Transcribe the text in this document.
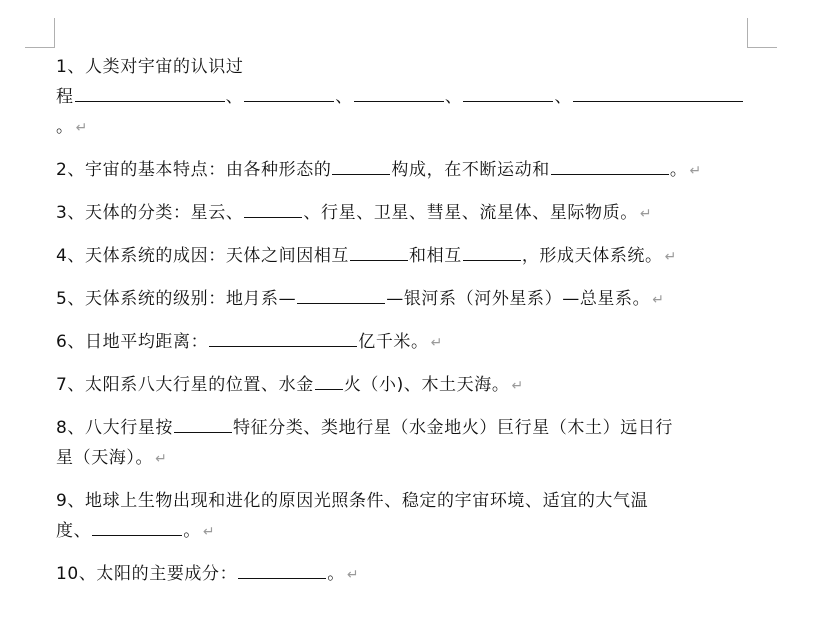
1、人类对宇宙的认识过

程	、	、	、	、

。 ↵

2、宇宙的基本特点：由各种形态的	构成，在不断运动和	。 ↵

3、天体的分类：星云、	、行星、卫星、彗星、流星体、星际物质。 ↵

4、天体系统的成因：天体之间因相互	和相互	，形成天体系统。 ↵

5、天体系统的级别：地月系—	—银河系（河外星系）—总星系。 ↵

6、日地平均距离：	亿千米。 ↵

7、太阳系八大行星的位置、水金 火（小)、木土天海。 ↵

8、八大行星按	特征分类、类地行星（水金地火）巨行星（木土）远日行

星（天海）。 ↵

9、地球上生物出现和进化的原因光照条件、稳定的宇宙环境、适宜的大气温

度、	。 ↵

10、太阳的主要成分：	。 ↵
